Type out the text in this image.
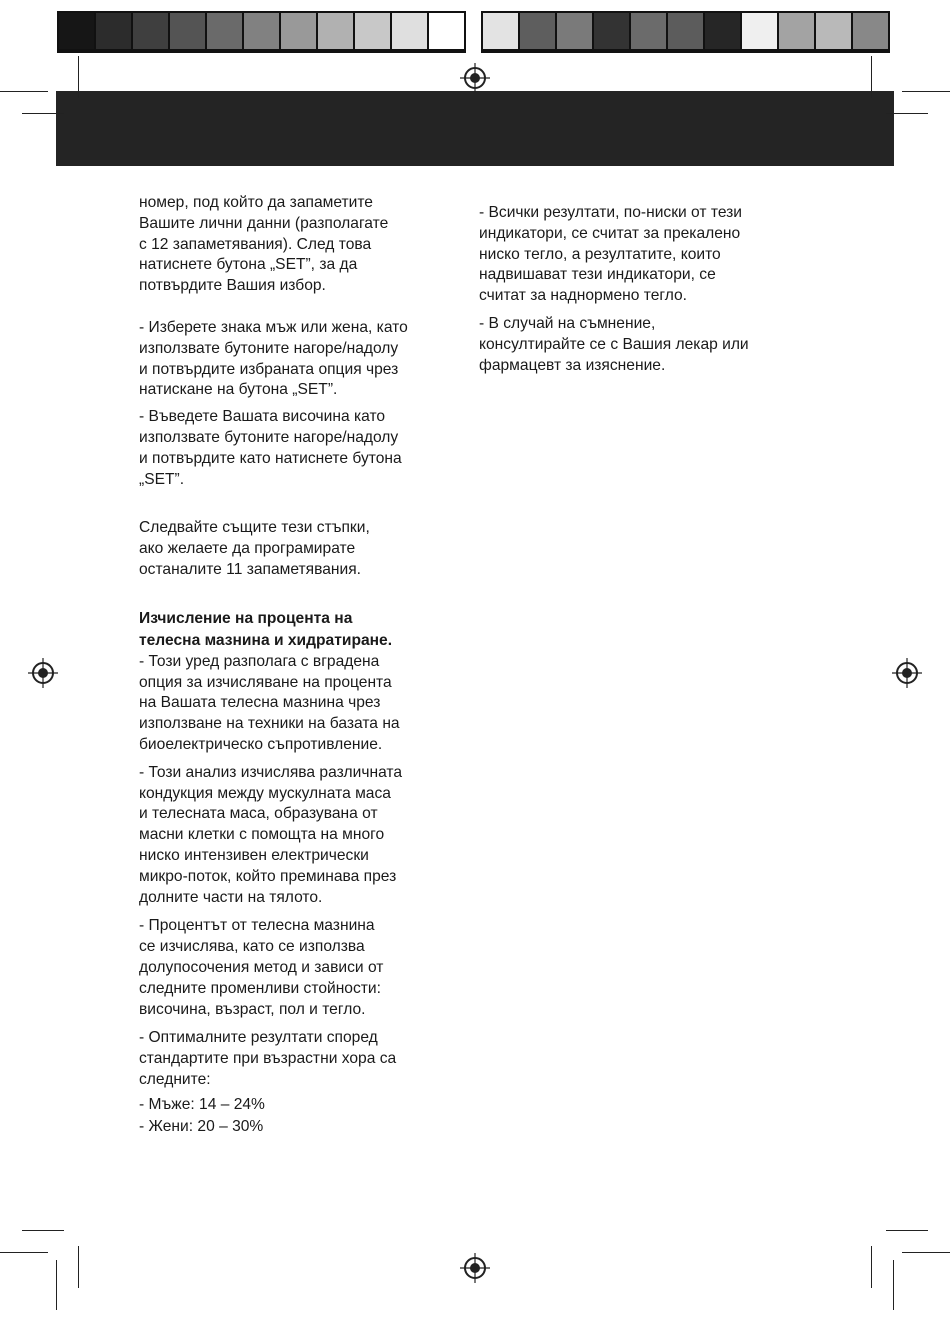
номер, под който да запаметите
Вашите лични данни (разполагате
с 12 запаметявания). След това
натиснете бутона „SET”, за да
потвърдите Вашия избор.

- Изберете знака мъж или жена, като
използвате бутоните нагоре/надолу
и потвърдите избраната опция чрез
натискане на бутона „SET”.

- Въведете Вашата височина като
използвате бутоните нагоре/надолу
и потвърдите като натиснете бутона
„SET”.

Следвайте същите тези стъпки,
ако желаете да програмирате
останалите 11 запаметявания.

Изчисление на процента на
телесна мазнина и хидратиране.

- Този уред разполага с вградена
опция за изчисляване на процента
на Вашата телесна мазнина чрез
използване на техники на базата на
биоелектрическо съпротивление.

- Този анализ изчислява различната
кондукция между мускулната маса
и телесната маса, образувана от
масни клетки с помощта на много
ниско интензивен електрически
микро-поток, който преминава през
долните части на тялото.

- Процентът от телесна мазнина
се изчислява, като се използва
долупосочения метод и зависи от
следните променливи стойности:
височина, възраст, пол и тегло.

- Оптималните резултати според
стандартите при възрастни хора са
следните:

- Мъже: 14 – 24%

- Жени: 20 – 30%

- Всички резултати, по-ниски от тези
индикатори, се считат за прекалено
ниско тегло, а резултатите, които
надвишават тези индикатори, се
считат за наднормено тегло.

- В случай на съмнение,
консултирайте се с Вашия лекар или
фармацевт за изяснение.
